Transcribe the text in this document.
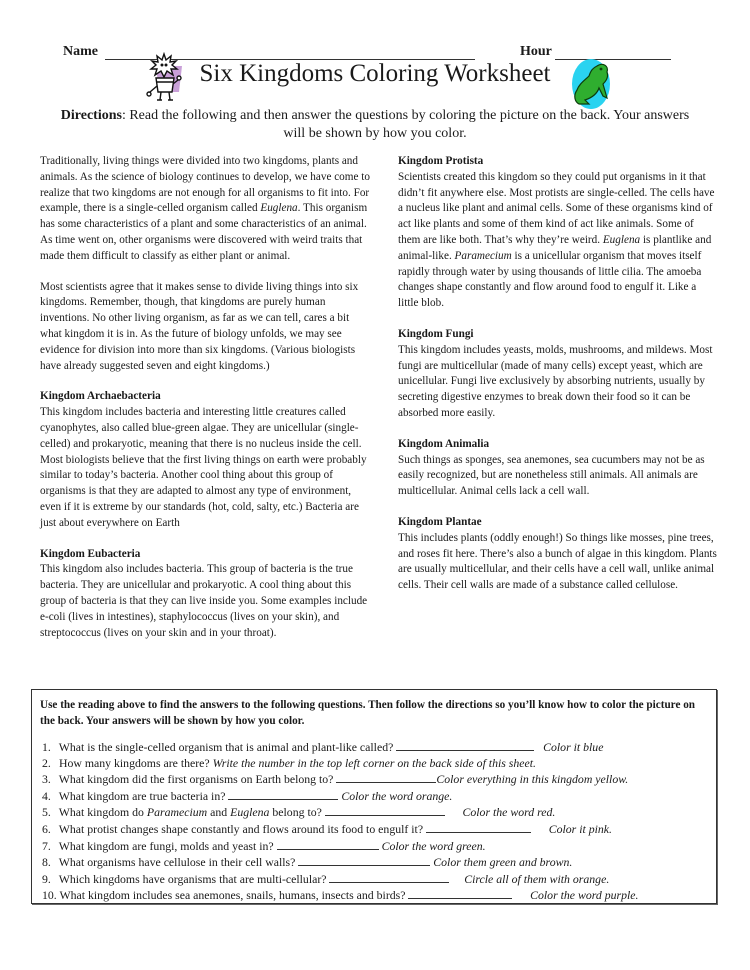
Name	Hour
Six Kingdoms Coloring Worksheet
Directions: Read the following and then answer the questions by coloring the picture on the back. Your answers will be shown by how you color.

Traditionally, living things were divided into two kingdoms, plants and animals. As the science of biology continues to develop, we have come to realize that two kingdoms are not enough for all organisms to fit into. For example, there is a single-celled organism called Euglena. This organism has some characteristics of a plant and some characteristics of an animal. As time went on, other organisms were discovered with weird traits that made them difficult to classify as either plant or animal.

Most scientists agree that it makes sense to divide living things into six kingdoms. Remember, though, that kingdoms are purely human inventions. No other living organism, as far as we can tell, cares a bit what kingdom it is in. As the future of biology unfolds, we may see evidence for division into more than six kingdoms. (Various biologists have already suggested seven and eight kingdoms.)

Kingdom Archaebacteria
This kingdom includes bacteria and interesting little creatures called cyanophytes, also called blue-green algae. They are unicellular (single-celled) and prokaryotic, meaning that there is no nucleus inside the cell. Most biologists believe that the first living things on earth were probably similar to today’s bacteria. Another cool thing about this group of organisms is that they are adapted to almost any type of environment, even if it is extreme by our standards (hot, cold, salty, etc.) Bacteria are just about everywhere on Earth
Kingdom Eubacteria
This kingdom also includes bacteria. This group of bacteria is the true bacteria. They are unicellular and prokaryotic. A cool thing about this group of bacteria is that they can live inside you. Some examples include e-coli (lives in intestines), staphylococcus (lives on your skin), and streptococcus (lives on your skin and in your throat).
Kingdom Protista
Scientists created this kingdom so they could put organisms in it that didn’t fit anywhere else. Most protists are single-celled. The cells have a nucleus like plant and animal cells. Some of these organisms kind of act like plants and some of them kind of act like animals. Some of them are like both. That’s why they’re weird. Euglena is plantlike and animal-like. Paramecium is a unicellular organism that moves itself rapidly through water by using thousands of little cilia. The amoeba changes shape constantly and flow around food to engulf it. Like a little blob.
Kingdom Fungi
This kingdom includes yeasts, molds, mushrooms, and mildews. Most fungi are multicellular (made of many cells) except yeast, which are unicellular. Fungi live exclusively by absorbing nutrients, usually by secreting digestive enzymes to break down their food so it can be absorbed more easily.
Kingdom Animalia
Such things as sponges, sea anemones, sea cucumbers may not be as easily recognized, but are nonetheless still animals. All animals are multicellular. Animal cells lack a cell wall.
Kingdom Plantae
This includes plants (oddly enough!) So things like mosses, pine trees, and roses fit here. There’s also a bunch of algae in this kingdom. Plants are usually multicellular, and their cells have a cell wall, unlike animal cells. Their cell walls are made of a substance called cellulose.
Use the reading above to find the answers to the following questions. Then follow the directions so you’ll know how to color the picture on the back. Your answers will be shown by how you color.
1. What is the single-celled organism that is animal and plant-like called?	Color it blue
2. How many kingdoms are there? Write the number in the top left corner on the back side of this sheet.
3. What kingdom did the first organisms on Earth belong to?	Color everything in this kingdom yellow.
4. What kingdom are true bacteria in?	Color the word orange.
5. What kingdom do Paramecium and Euglena belong to?	Color the word red.
6. What protist changes shape constantly and flows around its food to engulf it?	Color it pink.
7. What kingdom are fungi, molds and yeast in?	Color the word green.
8. What organisms have cellulose in their cell walls?	Color them green and brown.
9. Which kingdoms have organisms that are multi-cellular?	Circle all of them with orange.
10. What kingdom includes sea anemones, snails, humans, insects and birds?	Color the word purple.
